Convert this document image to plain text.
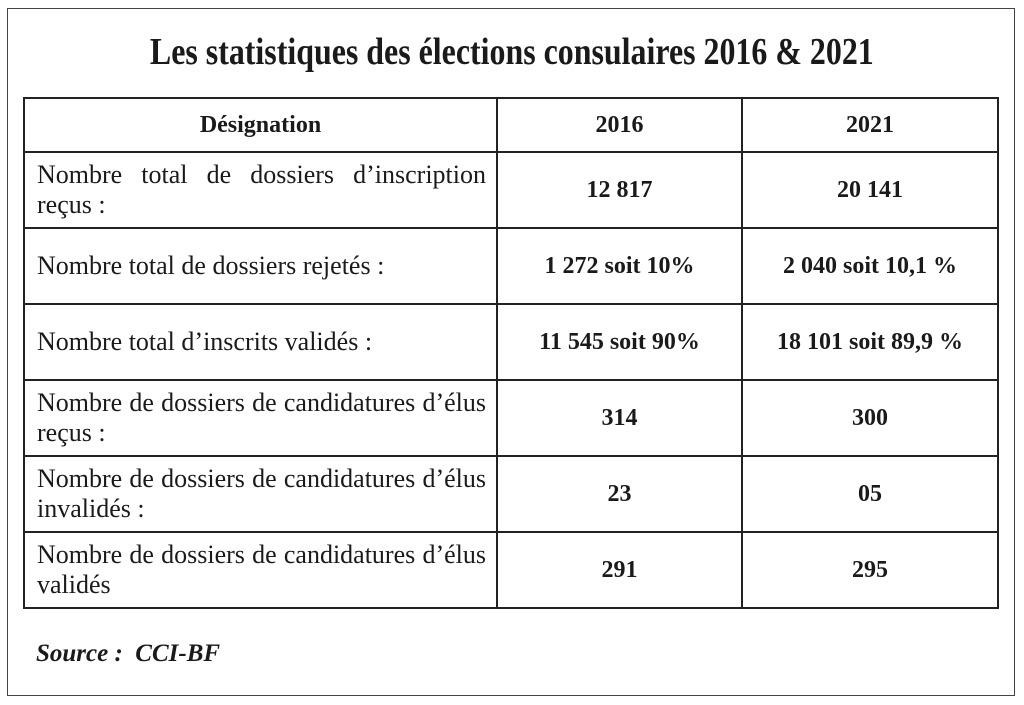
Les statistiques des élections consulaires 2016 & 2021
Désignation	2016	2021
Nombre total de dossiers d’inscription reçus :	12 817	20 141
Nombre total de dossiers rejetés :	1 272 soit 10%	2 040 soit 10,1 %
Nombre total d’inscrits validés :	11 545 soit 90%	18 101 soit 89,9 %
Nombre de dossiers de candidatures d’élus reçus :	314	300
Nombre de dossiers de candidatures d’élus invalidés :	23	05
Nombre de dossiers de candidatures d’élus validés	291	295
Source :  CCI-BF
